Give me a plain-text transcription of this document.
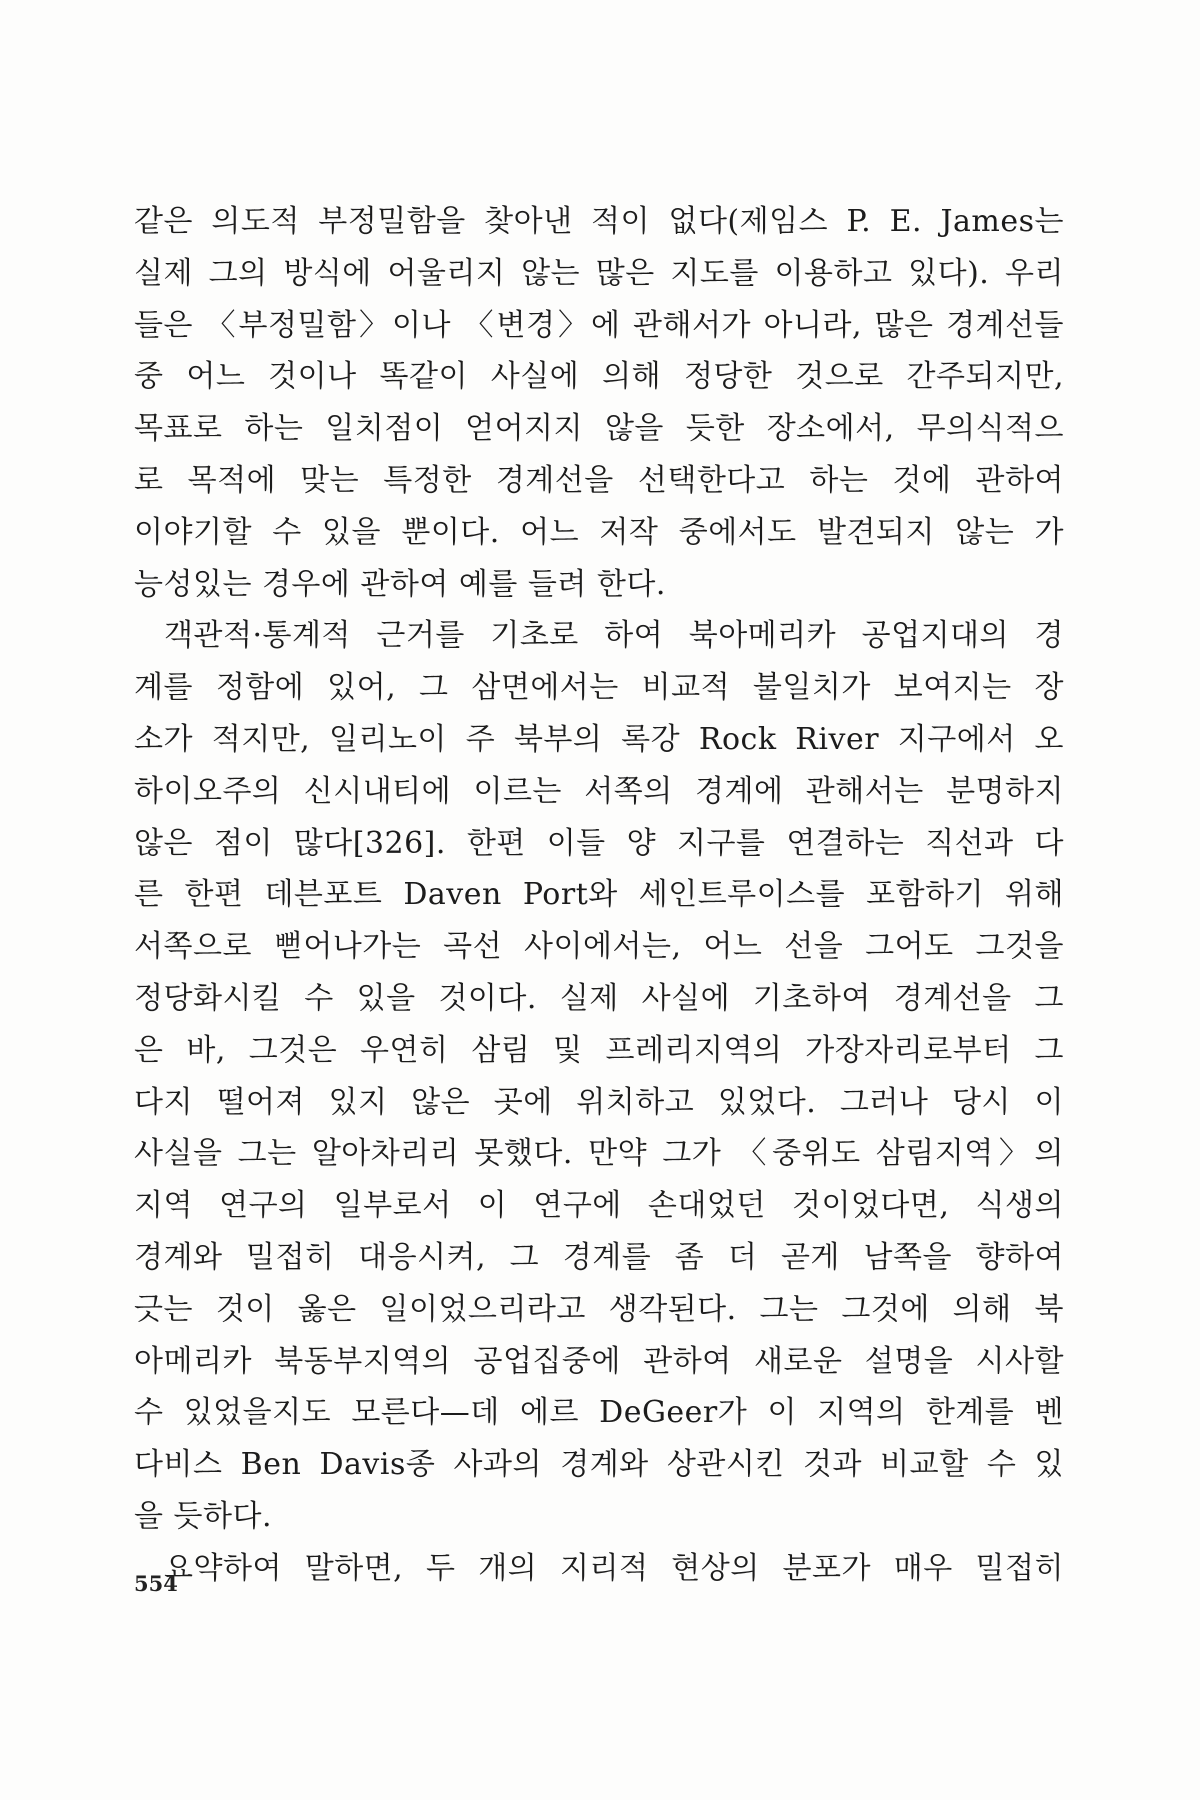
같은 의도적 부정밀함을 찾아낸 적이 없다(제임스 P. E. James는
실제 그의 방식에 어울리지 않는 많은 지도를 이용하고 있다). 우리
들은 〈부정밀함〉이나 〈변경〉에 관해서가 아니라, 많은 경계선들
중 어느 것이나 똑같이 사실에 의해 정당한 것으로 간주되지만,
목표로 하는 일치점이 얻어지지 않을 듯한 장소에서, 무의식적으
로 목적에 맞는 특정한 경계선을 선택한다고 하는 것에 관하여
이야기할 수 있을 뿐이다. 어느 저작 중에서도 발견되지 않는 가
능성있는 경우에 관하여 예를 들려 한다.
객관적·통계적 근거를 기초로 하여 북아메리카 공업지대의 경
계를 정함에 있어, 그 삼면에서는 비교적 불일치가 보여지는 장
소가 적지만, 일리노이 주 북부의 록강 Rock River 지구에서 오
하이오주의 신시내티에 이르는 서쪽의 경계에 관해서는 분명하지
않은 점이 많다[326]. 한편 이들 양 지구를 연결하는 직선과 다
른 한편 데븐포트 Daven Port와 세인트루이스를 포함하기 위해
서쪽으로 뻗어나가는 곡선 사이에서는, 어느 선을 그어도 그것을
정당화시킬 수 있을 것이다. 실제 사실에 기초하여 경계선을 그
은 바, 그것은 우연히 삼림 및 프레리지역의 가장자리로부터 그
다지 떨어져 있지 않은 곳에 위치하고 있었다. 그러나 당시 이
사실을 그는 알아차리리 못했다. 만약 그가 〈중위도 삼림지역〉의
지역 연구의 일부로서 이 연구에 손대었던 것이었다면, 식생의
경계와 밀접히 대응시켜, 그 경계를 좀 더 곧게 남쪽을 향하여
긋는 것이 옳은 일이었으리라고 생각된다. 그는 그것에 의해 북
아메리카 북동부지역의 공업집중에 관하여 새로운 설명을 시사할
수 있었을지도 모른다—데 에르 DeGeer가 이 지역의 한계를 벤
다비스 Ben Davis종 사과의 경계와 상관시킨 것과 비교할 수 있
을 듯하다.
요약하여 말하면, 두 개의 지리적 현상의 분포가 매우 밀접히
554
